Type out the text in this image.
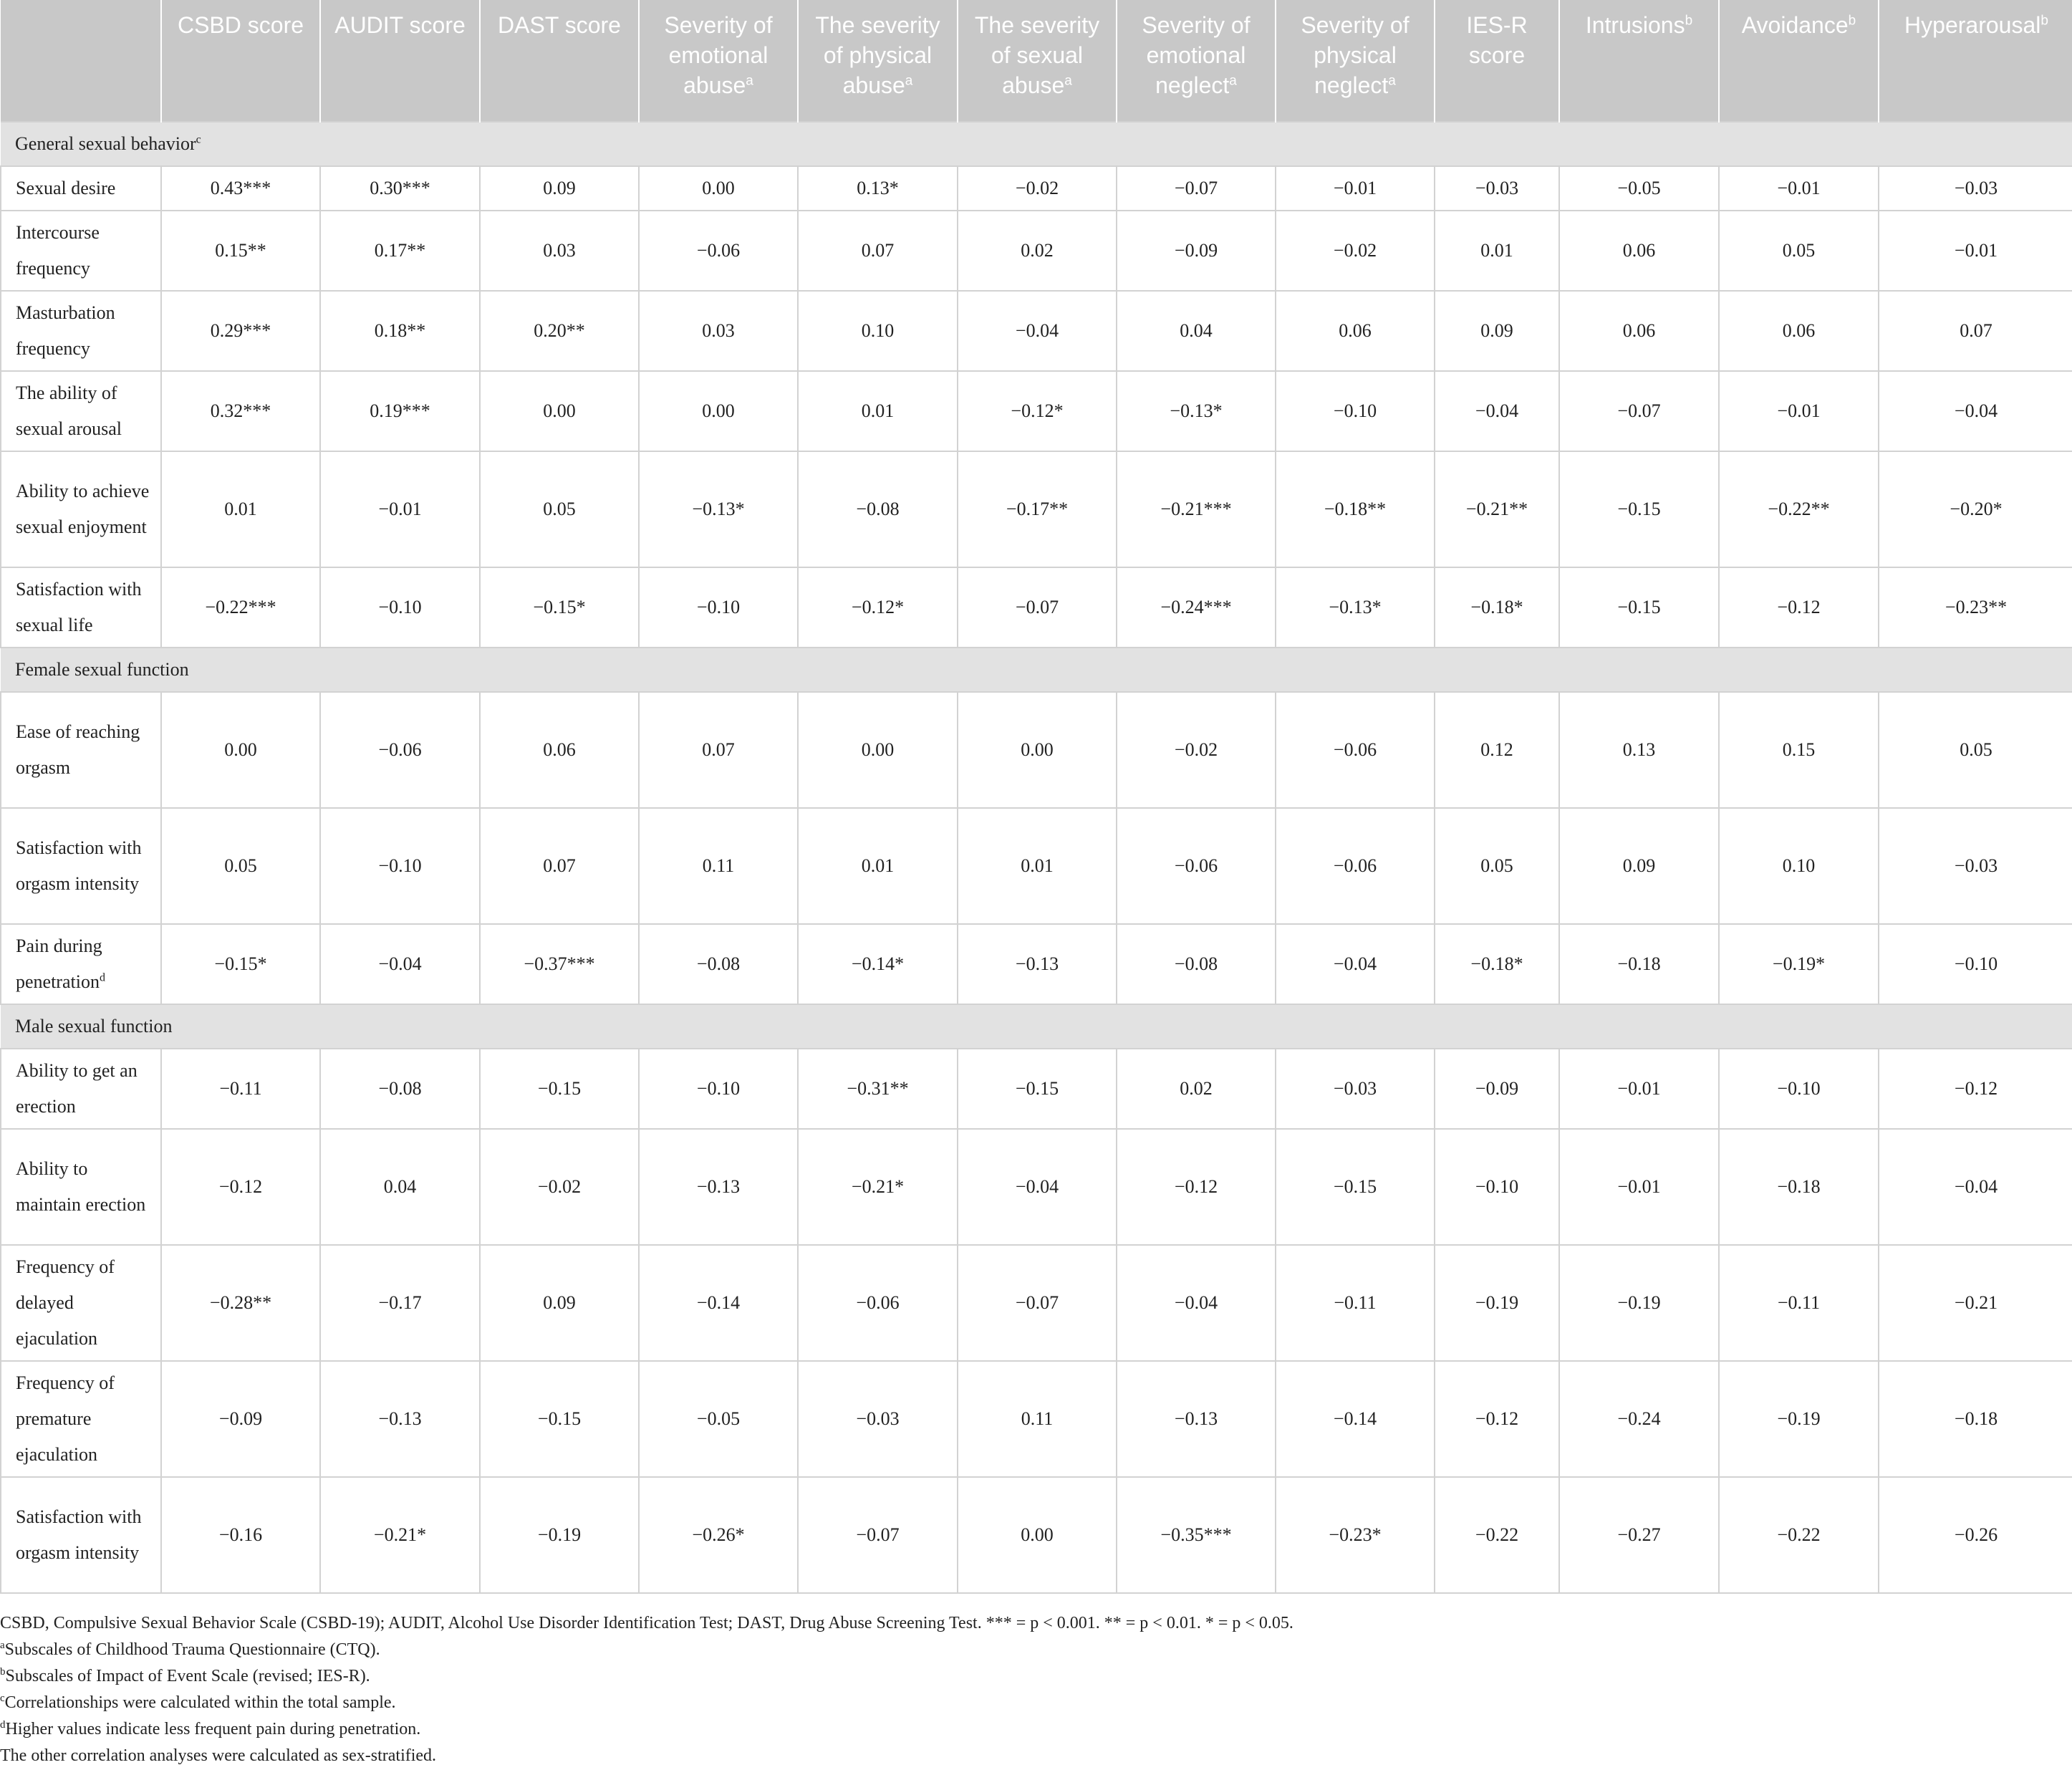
	CSBD score	AUDIT score	DAST score	Severity of emotional abuse$^a$	The severity of physical abuse$^a$	The severity of sexual abuse$^a$	Severity of emotional neglect$^a$	Severity of physical neglect$^a$	IES-R score	Intrusions$^b$	Avoidance$^b$	Hyperarousal$^b$
General sexual behavior$^c$
Sexual desire	0.43***	0.30***	0.09	0.00	0.13*	−0.02	−0.07	−0.01	−0.03	−0.05	−0.01	−0.03
Intercourse frequency	0.15**	0.17**	0.03	−0.06	0.07	0.02	−0.09	−0.02	0.01	0.06	0.05	−0.01
Masturbation frequency	0.29***	0.18**	0.20**	0.03	0.10	−0.04	0.04	0.06	0.09	0.06	0.06	0.07
The ability of sexual arousal	0.32***	0.19***	0.00	0.00	0.01	−0.12*	−0.13*	−0.10	−0.04	−0.07	−0.01	−0.04
Ability to achieve sexual enjoyment	0.01	−0.01	0.05	−0.13*	−0.08	−0.17**	−0.21***	−0.18**	−0.21**	−0.15	−0.22**	−0.20*
Satisfaction with sexual life	−0.22***	−0.10	−0.15*	−0.10	−0.12*	−0.07	−0.24***	−0.13*	−0.18*	−0.15	−0.12	−0.23**
Female sexual function												
Ease of reaching orgasm	0.00	−0.06	0.06	0.07	0.00	0.00	−0.02	−0.06	0.12	0.13	0.15	0.05
Satisfaction with orgasm intensity	0.05	−0.10	0.07	0.11	0.01	0.01	−0.06	−0.06	0.05	0.09	0.10	−0.03
Pain during penetration$^d$	−0.15*	−0.04	−0.37***	−0.08	−0.14*	−0.13	−0.08	−0.04	−0.18*	−0.18	−0.19*	−0.10
Male sexual function												
Ability to get an erection	−0.11	−0.08	−0.15	−0.10	−0.31**	−0.15	0.02	−0.03	−0.09	−0.01	−0.10	−0.12
Ability to maintain erection	−0.12	0.04	−0.02	−0.13	−0.21*	−0.04	−0.12	−0.15	−0.10	−0.01	−0.18	−0.04
Frequency of delayed ejaculation	−0.28**	−0.17	0.09	−0.14	−0.06	−0.07	−0.04	−0.11	−0.19	−0.19	−0.11	−0.21
Frequency of premature ejaculation	−0.09	−0.13	−0.15	−0.05	−0.03	0.11	−0.13	−0.14	−0.12	−0.24	−0.19	−0.18
Satisfaction with orgasm intensity	−0.16	−0.21*	−0.19	−0.26*	−0.07	0.00	−0.35***	−0.23*	−0.22	−0.27	−0.22	−0.26

CSBD, Compulsive Sexual Behavior Scale (CSBD-19); AUDIT, Alcohol Use Disorder Identification Test; DAST, Drug Abuse Screening Test. *** = p < 0.001. ** = p < 0.01. * = p < 0.05.

$^a$Subscales of Childhood Trauma Questionnaire (CTQ).

$^b$Subscales of Impact of Event Scale (revised; IES-R).

$^c$Correlationships were calculated within the total sample.

$^d$Higher values indicate less frequent pain during penetration.

The other correlation analyses were calculated as sex-stratified.
